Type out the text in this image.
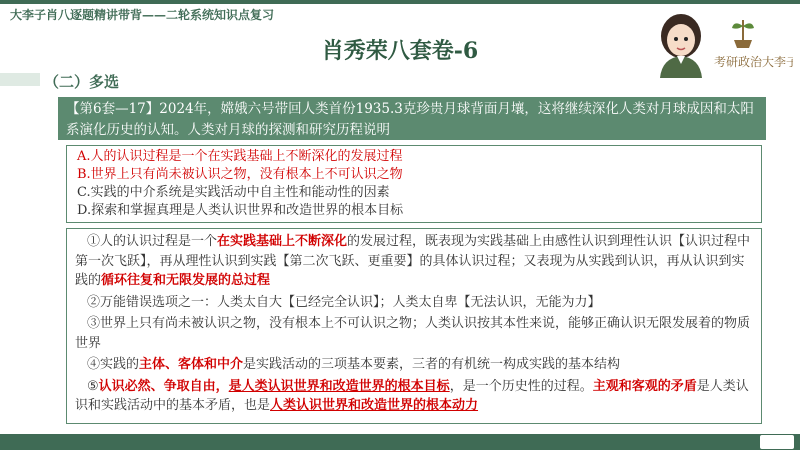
大李子肖八逐题精讲带背——二轮系统知识点复习
肖秀荣八套卷-6	考研政治大李子
（二）多选
【第6套—17】2024年，嫦娥六号带回人类首份1935.3克珍贵月球背面月壤，这将继续深化人类对月球成因和太阳系演化历史的认知。人类对月球的探测和研究历程说明
A.人的认识过程是一个在实践基础上不断深化的发展过程
B.世界上只有尚未被认识之物，没有根本上不可认识之物
C.实践的中介系统是实践活动中自主性和能动性的因素
D.探索和掌握真理是人类认识世界和改造世界的根本目标

①人的认识过程是一个在实践基础上不断深化的发展过程，既表现为实践基础上由感性认识到理性认识【认识过程中第一次飞跃】，再从理性认识到实践【第二次飞跃、更重要】的具体认识过程；又表现为从实践到认识，再从认识到实践的循环往复和无限发展的总过程

②万能错误选项之一：人类太自大【已经完全认识】；人类太自卑【无法认识，无能为力】

③世界上只有尚未被认识之物，没有根本上不可认识之物；人类认识按其本性来说，能够正确认识无限发展着的物质世界

④实践的主体、客体和中介是实践活动的三项基本要素，三者的有机统一构成实践的基本结构

⑤认识必然、争取自由，是人类认识世界和改造世界的根本目标，是一个历史性的过程。主观和客观的矛盾是人类认识和实践活动中的基本矛盾，也是人类认识世界和改造世界的根本动力
